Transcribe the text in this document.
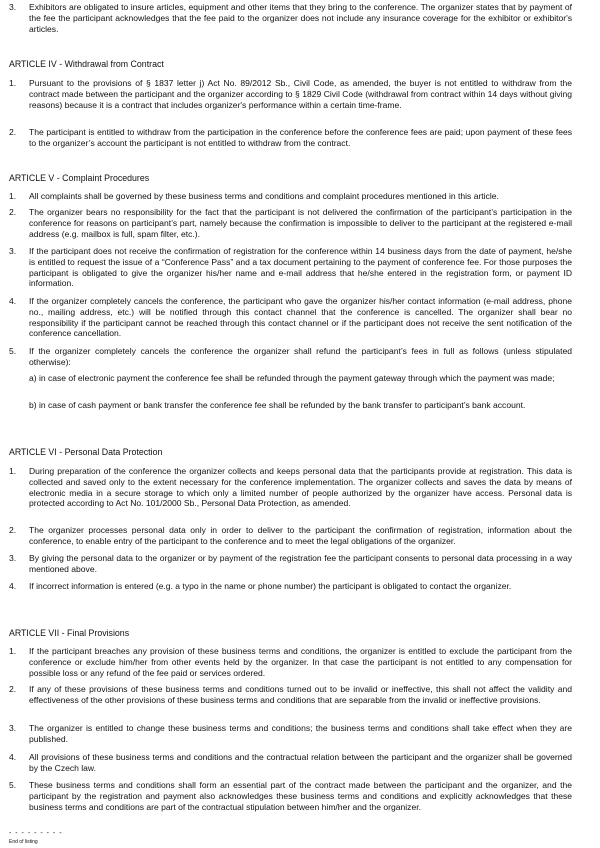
3. Exhibitors are obligated to insure articles, equipment and other items that they bring to the conference. The organizer states that by payment of the fee the participant acknowledges that the fee paid to the organizer does not include any insurance coverage for the exhibitor or exhibitor's articles.
ARTICLE IV - Withdrawal from Contract
1. Pursuant to the provisions of § 1837 letter j) Act No. 89/2012 Sb., Civil Code, as amended, the buyer is not entitled to withdraw from the contract made between the participant and the organizer according to § 1829 Civil Code (withdrawal from contract within 14 days without giving reasons) because it is a contract that includes organizer's performance within a certain time-frame.
2. The participant is entitled to withdraw from the participation in the conference before the conference fees are paid; upon payment of these fees to the organizer’s account the participant is not entitled to withdraw from the contract.
ARTICLE V - Complaint Procedures
1. All complaints shall be governed by these business terms and conditions and complaint procedures mentioned in this article.
2. The organizer bears no responsibility for the fact that the participant is not delivered the confirmation of the participant’s participation in the conference for reasons on participant’s part, namely because the confirmation is impossible to deliver to the participant at the registered e-mail address (e.g. mailbox is full, spam filter, etc.).
3. If the participant does not receive the confirmation of registration for the conference within 14 business days from the date of payment, he/she is entitled to request the issue of a “Conference Pass” and a tax document pertaining to the payment of conference fee. For those purposes the participant is obligated to give the organizer his/her name and e-mail address that he/she entered in the registration form, or payment ID information.
4. If the organizer completely cancels the conference, the participant who gave the organizer his/her contact information (e-mail address, phone no., mailing address, etc.) will be notified through this contact channel that the conference is cancelled. The organizer shall bear no responsibility if the participant cannot be reached through this contact channel or if the participant does not receive the sent notification of the conference cancellation.
5. If the organizer completely cancels the conference the organizer shall refund the participant’s fees in full as follows (unless stipulated otherwise):
a) in case of electronic payment the conference fee shall be refunded through the payment gateway through which the payment was made;
b) in case of cash payment or bank transfer the conference fee shall be refunded by the bank transfer to participant’s bank account.
ARTICLE VI - Personal Data Protection
1. During preparation of the conference the organizer collects and keeps personal data that the participants provide at registration. This data is collected and saved only to the extent necessary for the conference implementation. The organizer collects and saves the data by means of electronic media in a secure storage to which only a limited number of people authorized by the organizer have access. Personal data is protected according to Act No. 101/2000 Sb., Personal Data Protection, as amended.
2. The organizer processes personal data only in order to deliver to the participant the confirmation of registration, information about the conference, to enable entry of the participant to the conference and to meet the legal obligations of the organizer.
3. By giving the personal data to the organizer or by payment of the registration fee the participant consents to personal data processing in a way mentioned above.
4. If incorrect information is entered (e.g. a typo in the name or phone number) the participant is obligated to contact the organizer.
ARTICLE VII - Final Provisions
1. If the participant breaches any provision of these business terms and conditions, the organizer is entitled to exclude the participant from the conference or exclude him/her from other events held by the organizer. In that case the participant is not entitled to any compensation for possible loss or any refund of the fee paid or services ordered.
2. If any of these provisions of these business terms and conditions turned out to be invalid or ineffective, this shall not affect the validity and effectiveness of the other provisions of these business terms and conditions that are separable from the invalid or ineffective provisions.
3. The organizer is entitled to change these business terms and conditions; the business terms and conditions shall take effect when they are published.
4. All provisions of these business terms and conditions and the contractual relation between the participant and the organizer shall be governed by the Czech law.
5. These business terms and conditions shall form an essential part of the contract made between the participant and the organizer, and the participant by the registration and payment also acknowledges these business terms and conditions and explicitly acknowledges that these business terms and conditions are part of the contractual stipulation between him/her and the organizer.
- - - - - - - - -
End of listing
